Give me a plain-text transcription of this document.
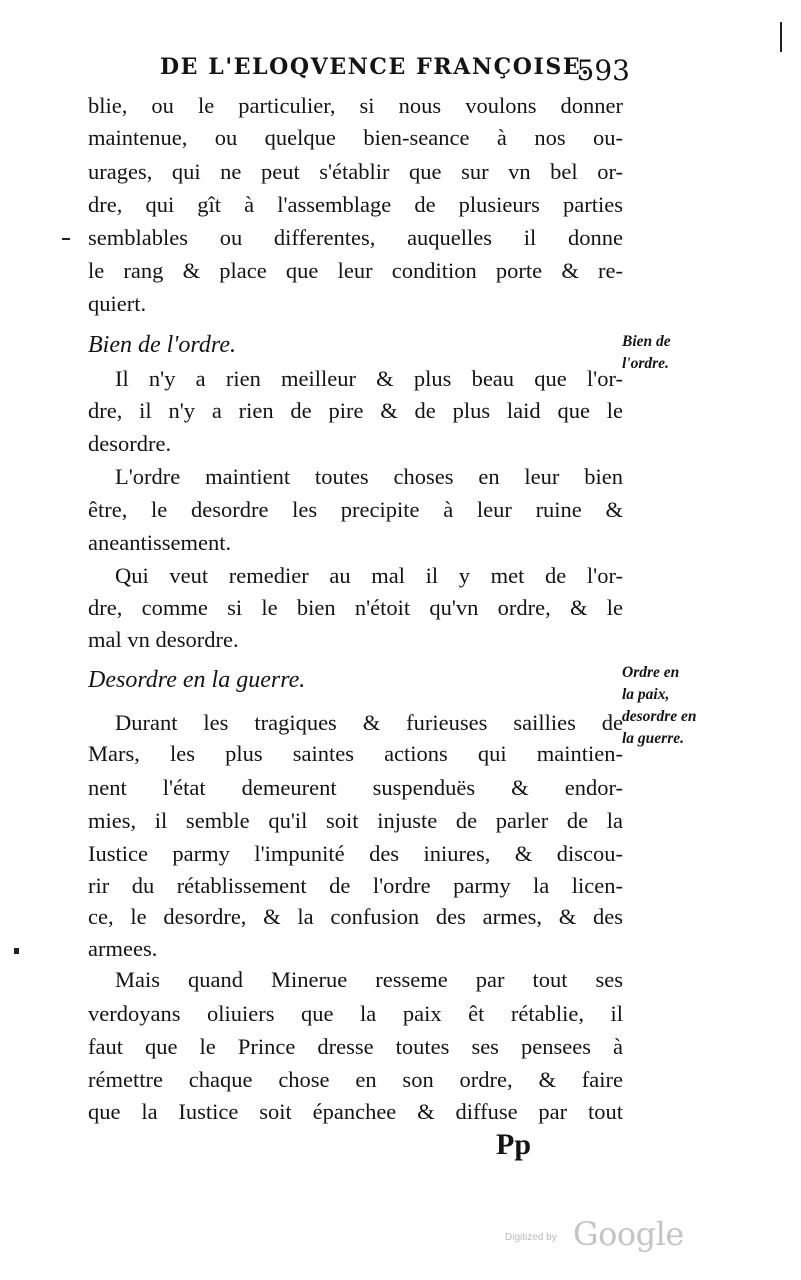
DE L'ELOQVENCE FRANÇOISE.
593
blie, ou le particulier, si nous voulons donner
maintenue, ou quelque bien-seance à nos ou-
urages, qui ne peut s'établir que sur vn bel or-
dre, qui gît à l'assemblage de plusieurs parties
semblables ou differentes, auquelles il donne
le rang & place que leur condition porte & re-
quiert.
Bien de l'ordre.
Il n'y a rien meilleur & plus beau que l'or-
dre, il n'y a rien de pire & de plus laid que le
desordre.
L'ordre maintient toutes choses en leur bien
être, le desordre les precipite à leur ruine &
aneantissement.
Qui veut remedier au mal il y met de l'or-
dre, comme si le bien n'étoit qu'vn ordre, & le
mal vn desordre.
Desordre en la guerre.
Durant les tragiques & furieuses saillies de
Mars, les plus saintes actions qui maintien-
nent l'état demeurent suspenduës & endor-
mies, il semble qu'il soit injuste de parler de la
Iustice parmy l'impunité des iniures, & discou-
rir du rétablissement de l'ordre parmy la licen-
ce, le desordre, & la confusion des armes, & des
armees.
Mais quand Minerue resseme par tout ses
verdoyans oliuiers que la paix êt rétablie, il
faut que le Prince dresse toutes ses pensees à
rémettre chaque chose en son ordre, & faire
que la Iustice soit épanchee & diffuse par tout
Bien de
l'ordre.
Ordre en
la paix,
desordre en
la guerre.
Pp
Digitized by Google
